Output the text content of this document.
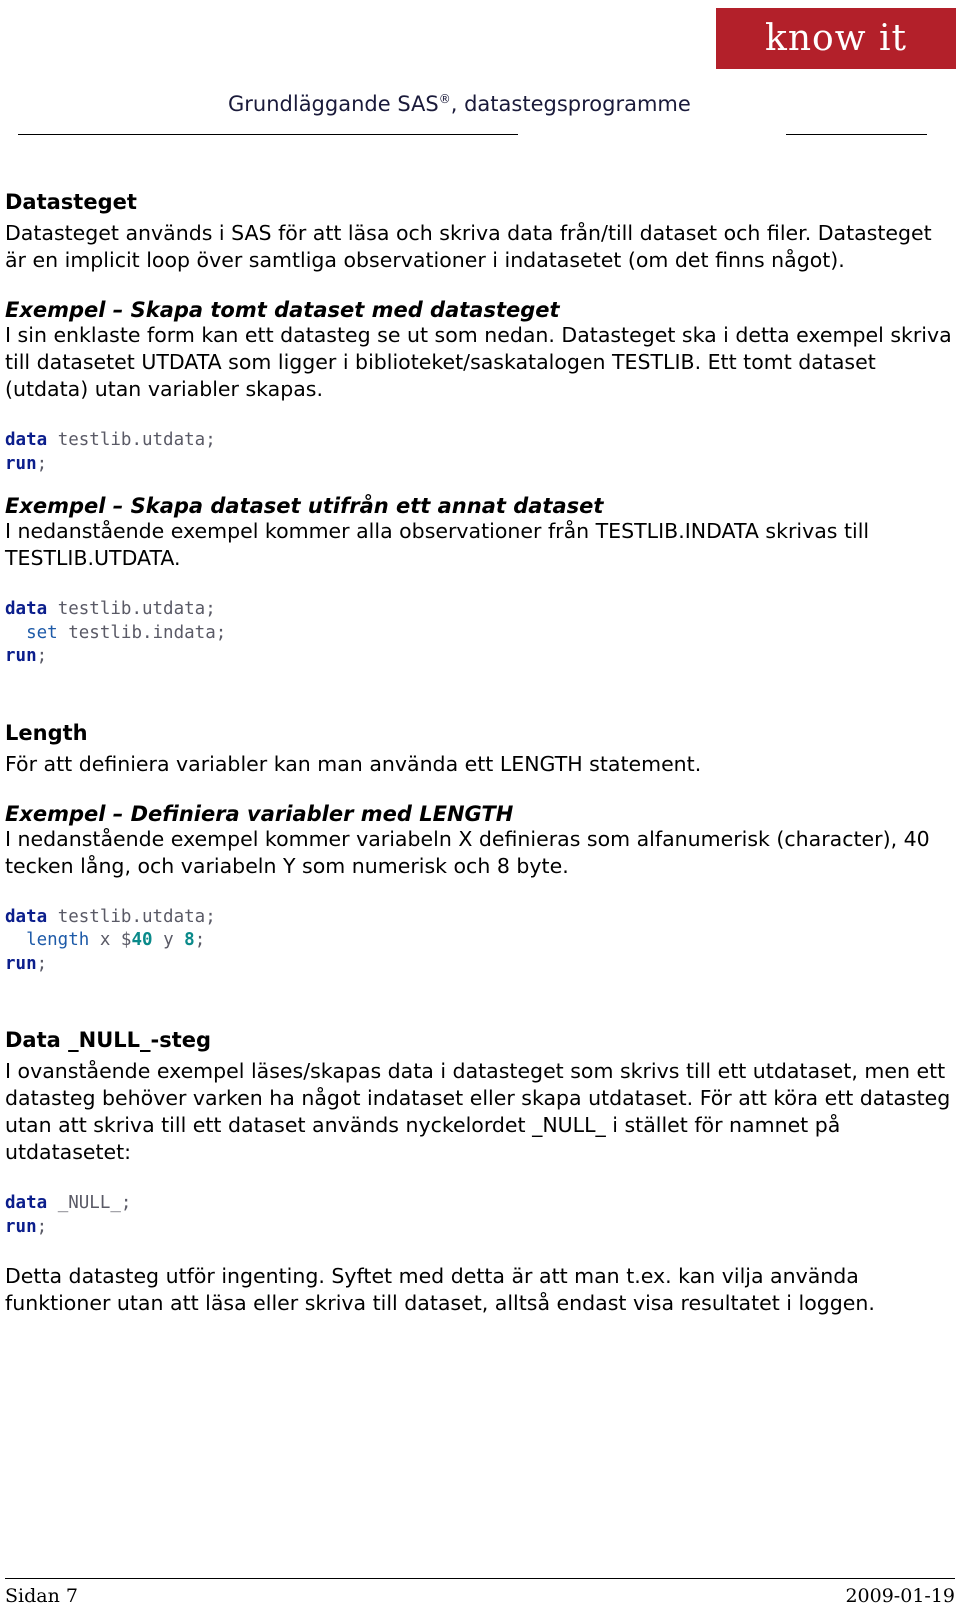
know it
Grundläggande SAS®, datastegsprogramme

Datasteget

Datasteget används i SAS för att läsa och skriva data från/till dataset och filer. Datasteget är en implicit loop över samtliga observationer i indatasetet (om det finns något).

Exempel – Skapa tomt dataset med datasteget

I sin enklaste form kan ett datasteg se ut som nedan. Datasteget ska i detta exempel skriva till datasetet UTDATA som ligger i biblioteket/saskatalogen TESTLIB. Ett tomt dataset (utdata) utan variabler skapas.

data testlib.utdata;
run;

Exempel – Skapa dataset utifrån ett annat dataset

I nedanstående exempel kommer alla observationer från TESTLIB.INDATA skrivas till TESTLIB.UTDATA.

data testlib.utdata;
set testlib.indata;
run;

Length

För att definiera variabler kan man använda ett LENGTH statement.

Exempel – Definiera variabler med LENGTH

I nedanstående exempel kommer variabeln X definieras som alfanumerisk (character), 40 tecken lång, och variabeln Y som numerisk och 8 byte.

data testlib.utdata;
length x $40 y 8;
run;

Data _NULL_-steg

I ovanstående exempel läses/skapas data i datasteget som skrivs till ett utdataset, men ett datasteg behöver varken ha något indataset eller skapa utdataset. För att köra ett datasteg utan att skriva till ett dataset används nyckelordet _NULL_ i stället för namnet på utdatasetet:

data _NULL_;
run;

Detta datasteg utför ingenting. Syftet med detta är att man t.ex. kan vilja använda funktioner utan att läsa eller skriva till dataset, alltså endast visa resultatet i loggen.

Sidan 7	2009-01-19
